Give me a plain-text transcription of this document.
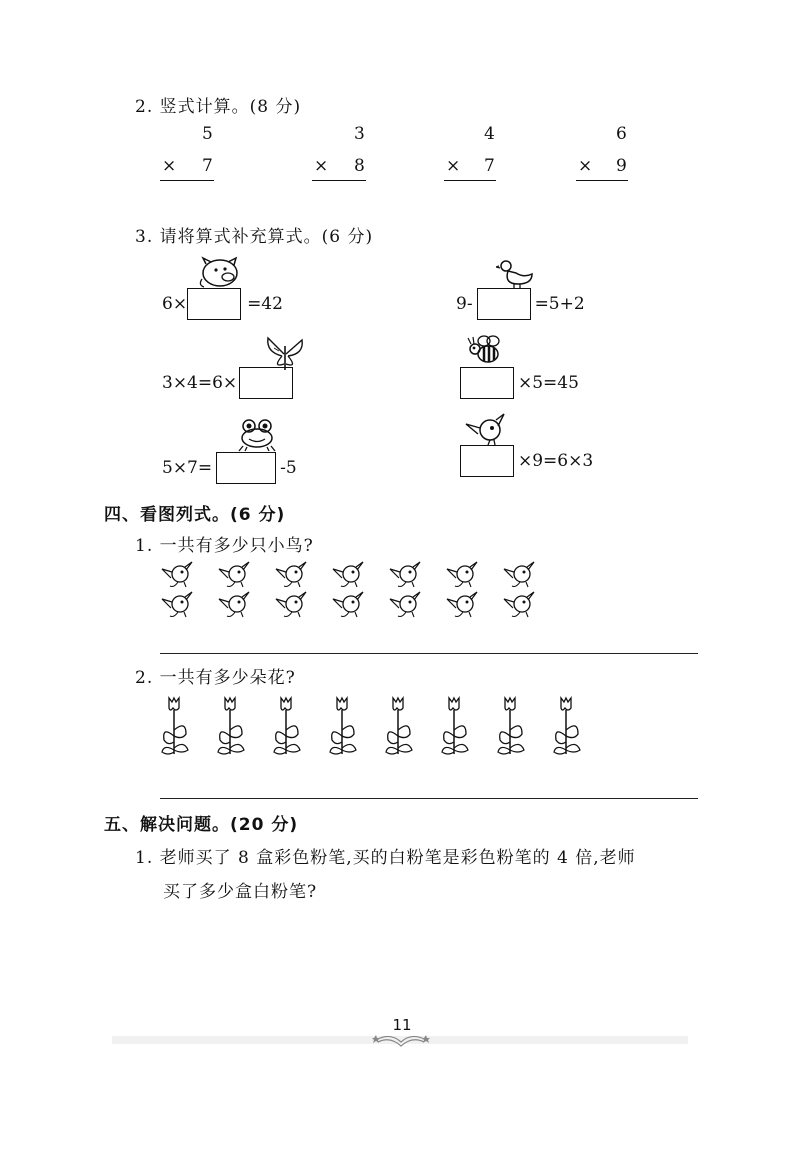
2. 竖式计算。(8 分)
5
× 7
3
× 8
4
× 7
6
× 9
3. 请将算式补充算式。(6 分)
6×	=42	9-	=5+2
3×4=6×	×5=45
5×7=	-5	×9=6×3
四、看图列式。(6 分)
1. 一共有多少只小鸟?
2. 一共有多少朵花?
五、解决问题。(20 分)
1. 老师买了 8 盒彩色粉笔,买的白粉笔是彩色粉笔的 4 倍,老师
买了多少盒白粉笔?
11
